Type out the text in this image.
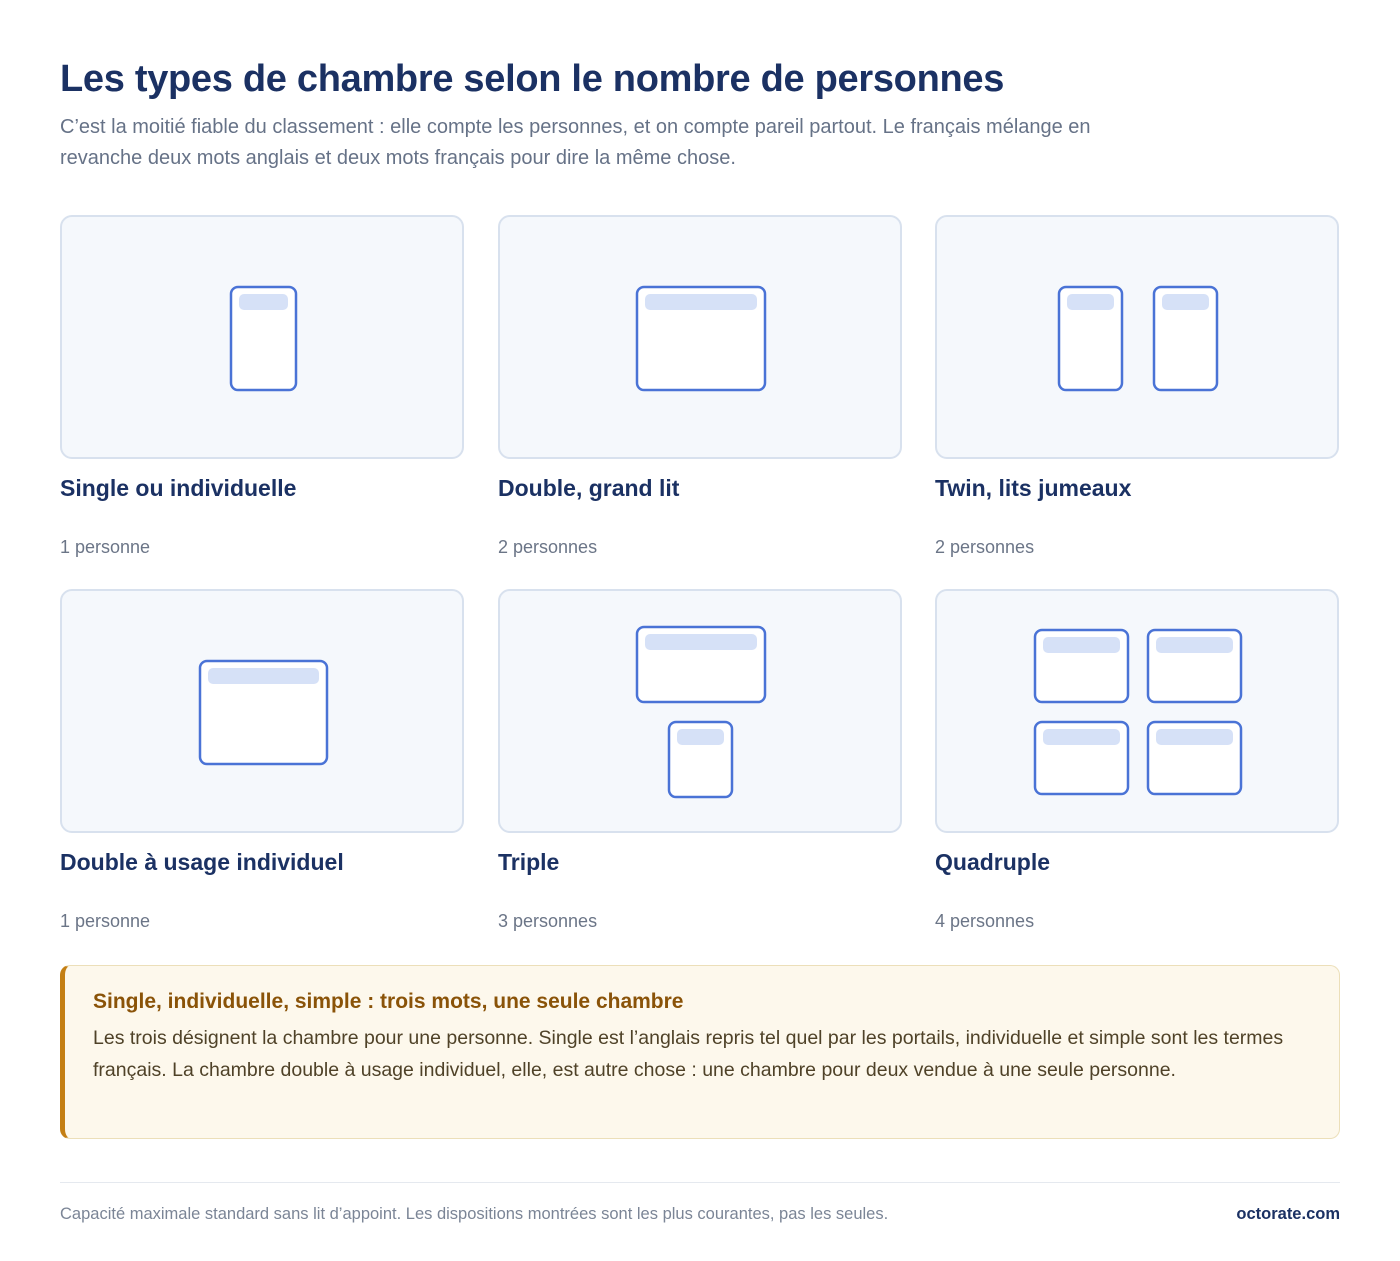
Les types de chambre selon le nombre de personnes

C’est la moitié fiable du classement : elle compte les personnes, et on compte pareil partout. Le français mélange en revanche deux mots anglais et deux mots français pour dire la même chose.

Single ou individuelle
1 personne
Double, grand lit
2 personnes
Twin, lits jumeaux
2 personnes
Double à usage individuel
1 personne
Triple
3 personnes
Quadruple
4 personnes
Single, individuelle, simple : trois mots, une seule chambre
Les trois désignent la chambre pour une personne. Single est l’anglais repris tel quel par les portails, individuelle et simple sont les termes français. La chambre double à usage individuel, elle, est autre chose : une chambre pour deux vendue à une seule personne.
Capacité maximale standard sans lit d’appoint. Les dispositions montrées sont les plus courantes, pas les seules.	octorate.com
